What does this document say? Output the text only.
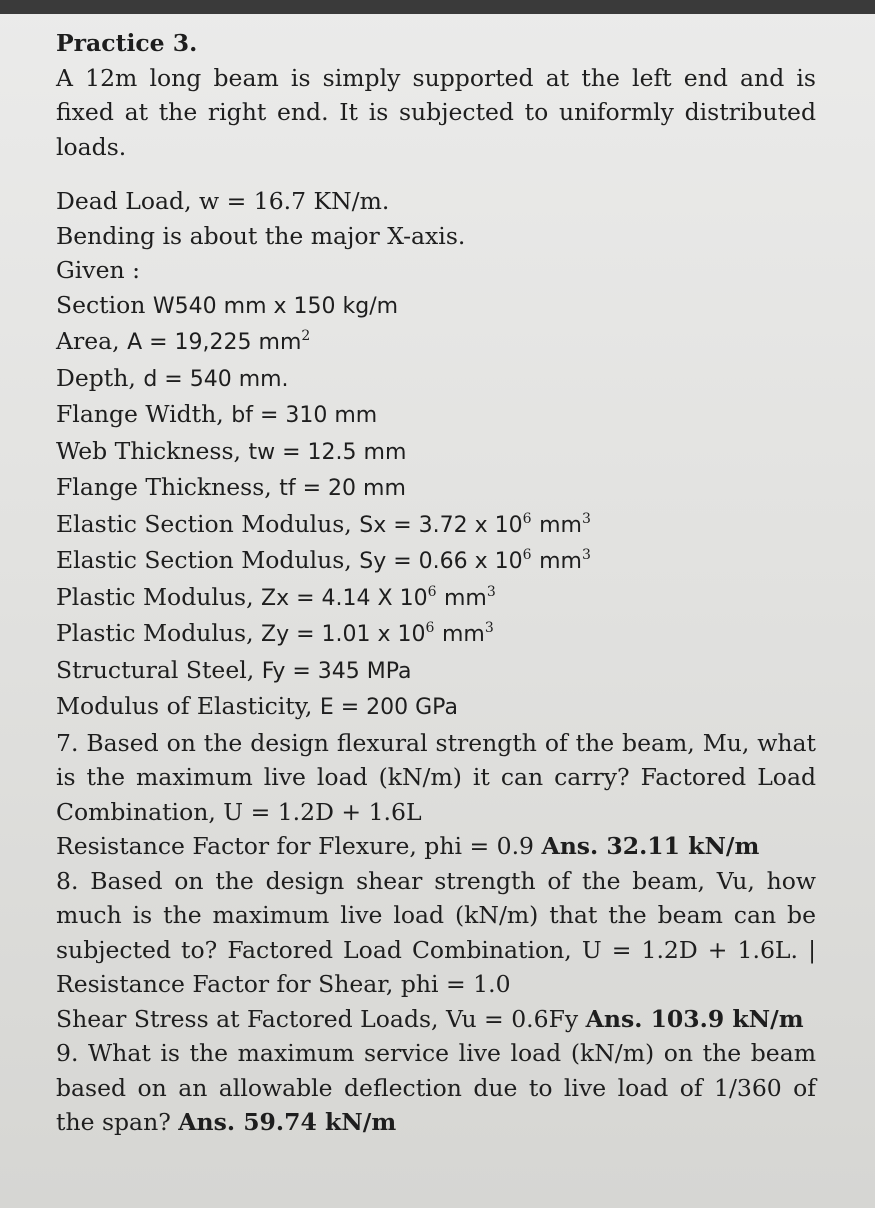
Practice 3.
A 12m long beam is simply supported at the left end and is fixed at the right end. It is subjected to uniformly distributed loads.
Dead Load, w = 16.7 KN/m.
Bending is about the major X-axis.
Given :
Section W540 mm x 150 kg/m
Area, A = 19,225 $mm^2$
Depth, d = 540 mm.
Flange Width, bf = 310 mm
Web Thickness, tw = 12.5 mm
Flange Thickness, tf = 20 mm
Elastic Section Modulus, Sx = 3.72 x $10^6$ $mm^3$
Elastic Section Modulus, Sy = 0.66 x $10^6$ $mm^3$
Plastic Modulus, Zx = 4.14 X $10^6$ $mm^3$
Plastic Modulus, Zy = 1.01 x $10^6$ $mm^3$
Structural Steel, Fy = 345 MPa
Modulus of Elasticity, E = 200 GPa
7. Based on the design flexural strength of the beam, Mu, what is the maximum live load (kN/m) it can carry? Factored Load Combination, U = 1.2D + 1.6L
Resistance Factor for Flexure, phi = 0.9 Ans. 32.11 kN/m
8. Based on the design shear strength of the beam, Vu, how much is the maximum live load (kN/m) that the beam can be subjected to? Factored Load Combination, U = 1.2D + 1.6L. | Resistance Factor for Shear, phi = 1.0
Shear Stress at Factored Loads, Vu = 0.6Fy Ans. 103.9 kN/m
9. What is the maximum service live load (kN/m) on the beam based on an allowable deflection due to live load of 1/360 of the span? Ans. 59.74 kN/m
